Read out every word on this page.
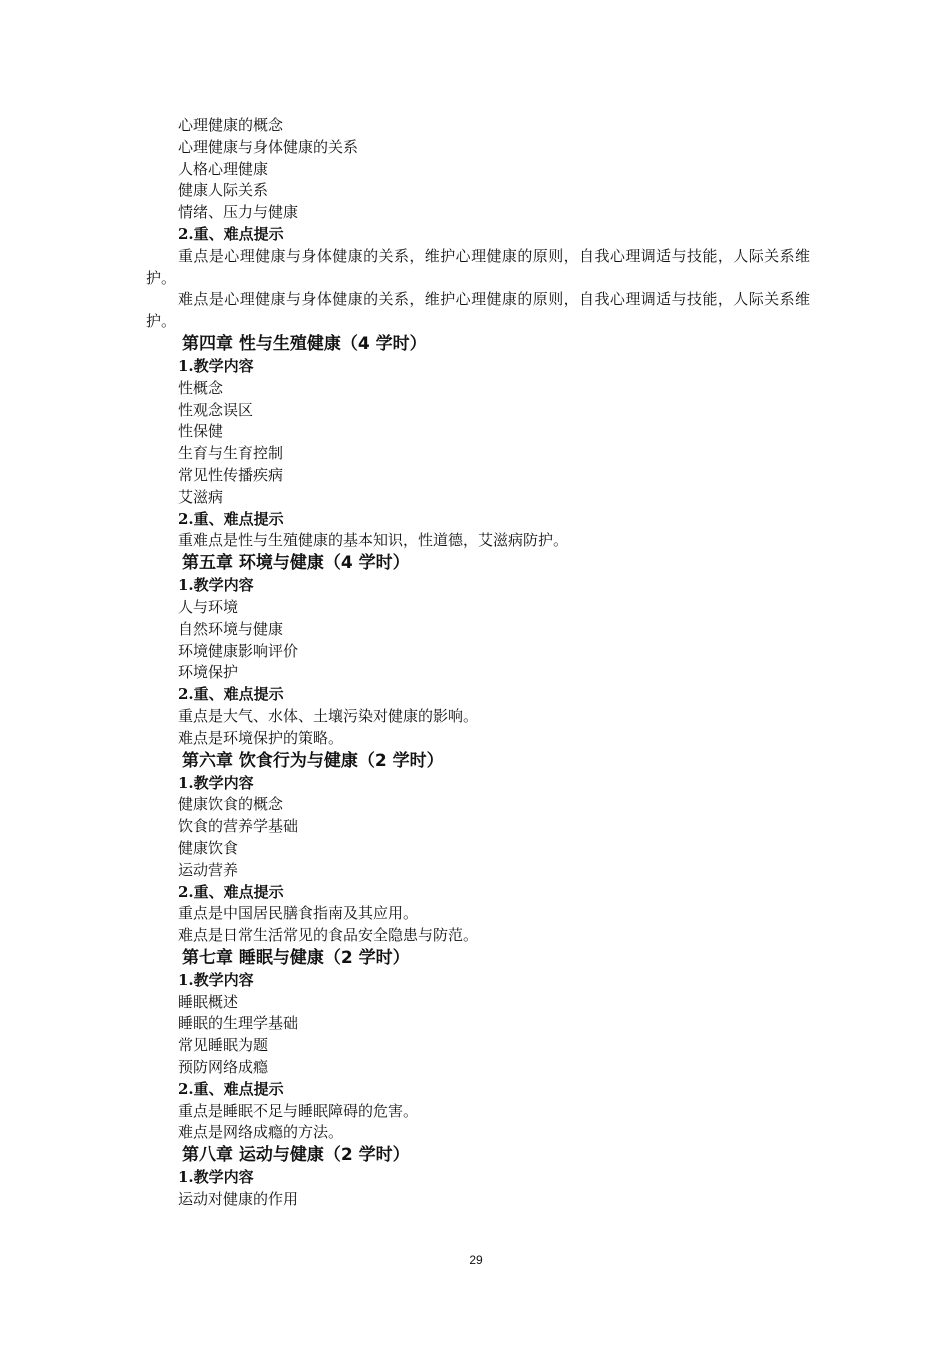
心理健康的概念
心理健康与身体健康的关系
人格心理健康
健康人际关系
情绪、压力与健康
2.重、难点提示
重点是心理健康与身体健康的关系，维护心理健康的原则，自我心理调适与技能，人际关系维护。
难点是心理健康与身体健康的关系，维护心理健康的原则，自我心理调适与技能，人际关系维护。
第四章 性与生殖健康（4 学时）
1.教学内容
性概念
性观念误区
性保健
生育与生育控制
常见性传播疾病
艾滋病
2.重、难点提示
重难点是性与生殖健康的基本知识，性道德，艾滋病防护。
第五章 环境与健康（4 学时）
1.教学内容
人与环境
自然环境与健康
环境健康影响评价
环境保护
2.重、难点提示
重点是大气、水体、土壤污染对健康的影响。
难点是环境保护的策略。
第六章 饮食行为与健康（2 学时）
1.教学内容
健康饮食的概念
饮食的营养学基础
健康饮食
运动营养
2.重、难点提示
重点是中国居民膳食指南及其应用。
难点是日常生活常见的食品安全隐患与防范。
第七章 睡眠与健康（2 学时）
1.教学内容
睡眠概述
睡眠的生理学基础
常见睡眠为题
预防网络成瘾
2.重、难点提示
重点是睡眠不足与睡眠障碍的危害。
难点是网络成瘾的方法。
第八章 运动与健康（2 学时）
1.教学内容
运动对健康的作用
29
